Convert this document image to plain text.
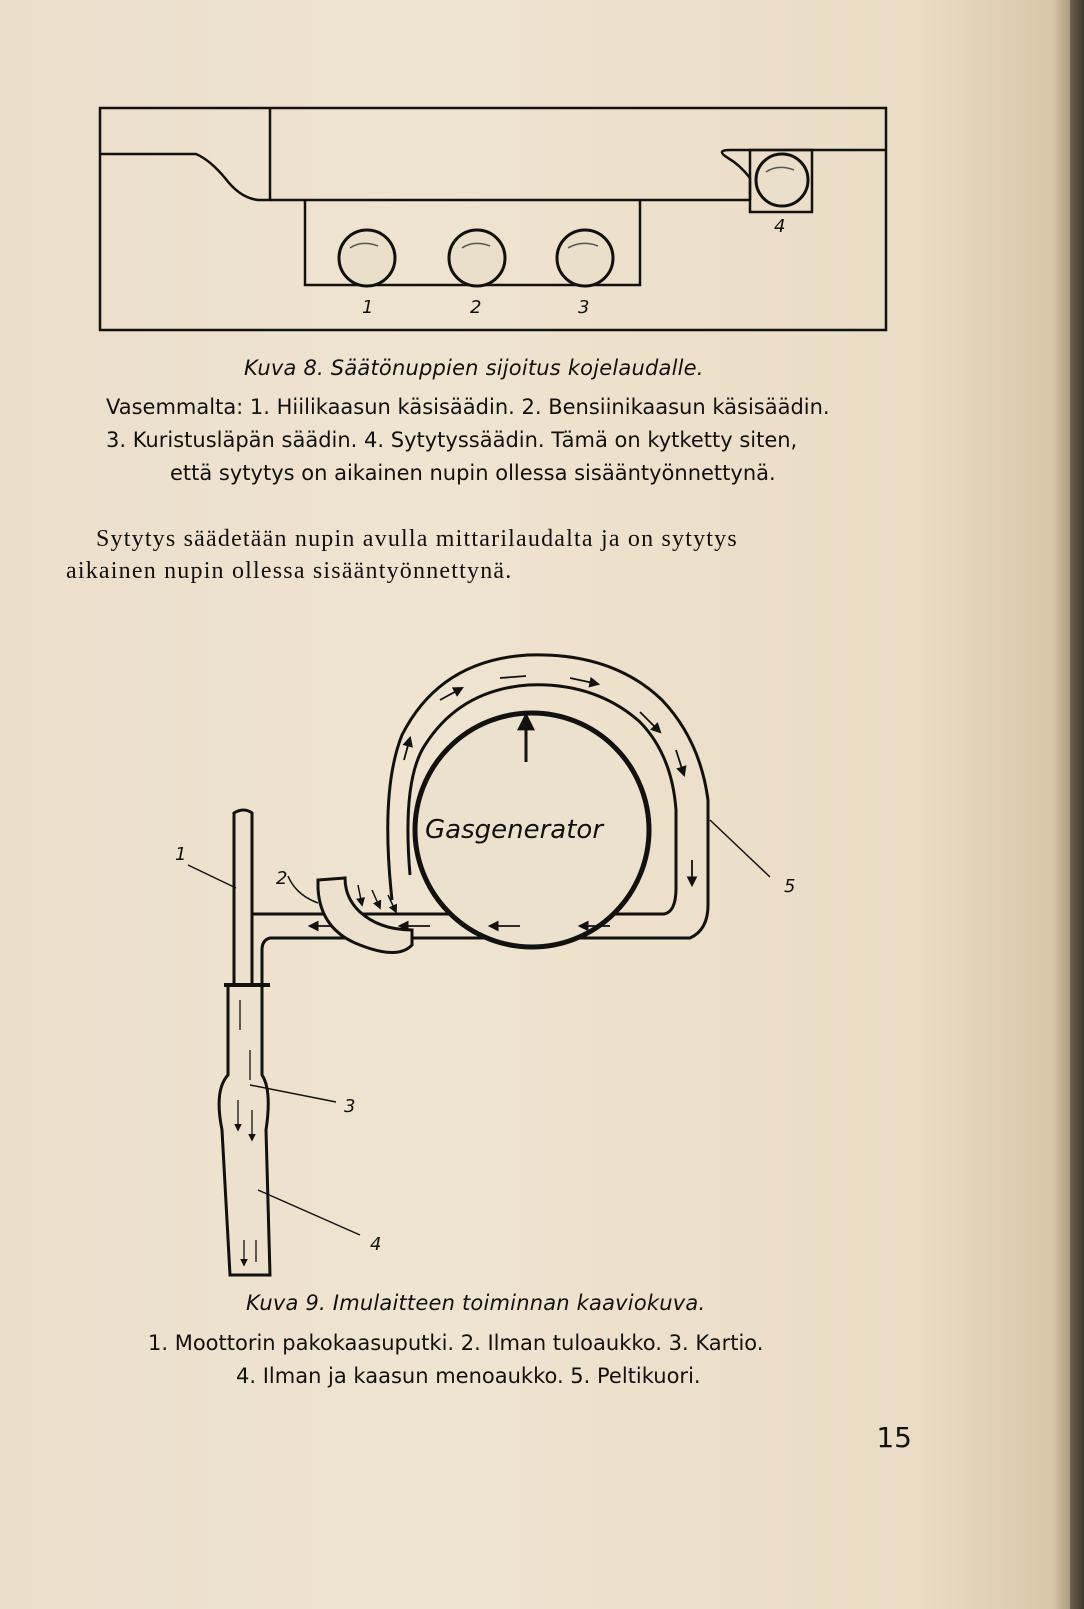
1	2	3
4
Kuva 8. Säätönuppien sijoitus kojelaudalle.
Vasemmalta: 1. Hiilikaasun käsisäädin. 2. Bensiinikaasun käsisäädin.
3. Kuristusläpän säädin. 4. Sytytyssäädin. Tämä on kytketty siten,
että sytytys on aikainen nupin ollessa sisääntyönnettynä.
Sytytys säädetään nupin avulla mittarilaudalta ja on sytytys
aikainen nupin ollessa sisääntyönnettynä.
Gasgenerator
1
2
3
4
5
Kuva 9. Imulaitteen toiminnan kaaviokuva.
1. Moottorin pakokaasuputki. 2. Ilman tuloaukko. 3. Kartio.
4. Ilman ja kaasun menoaukko. 5. Peltikuori.
15
